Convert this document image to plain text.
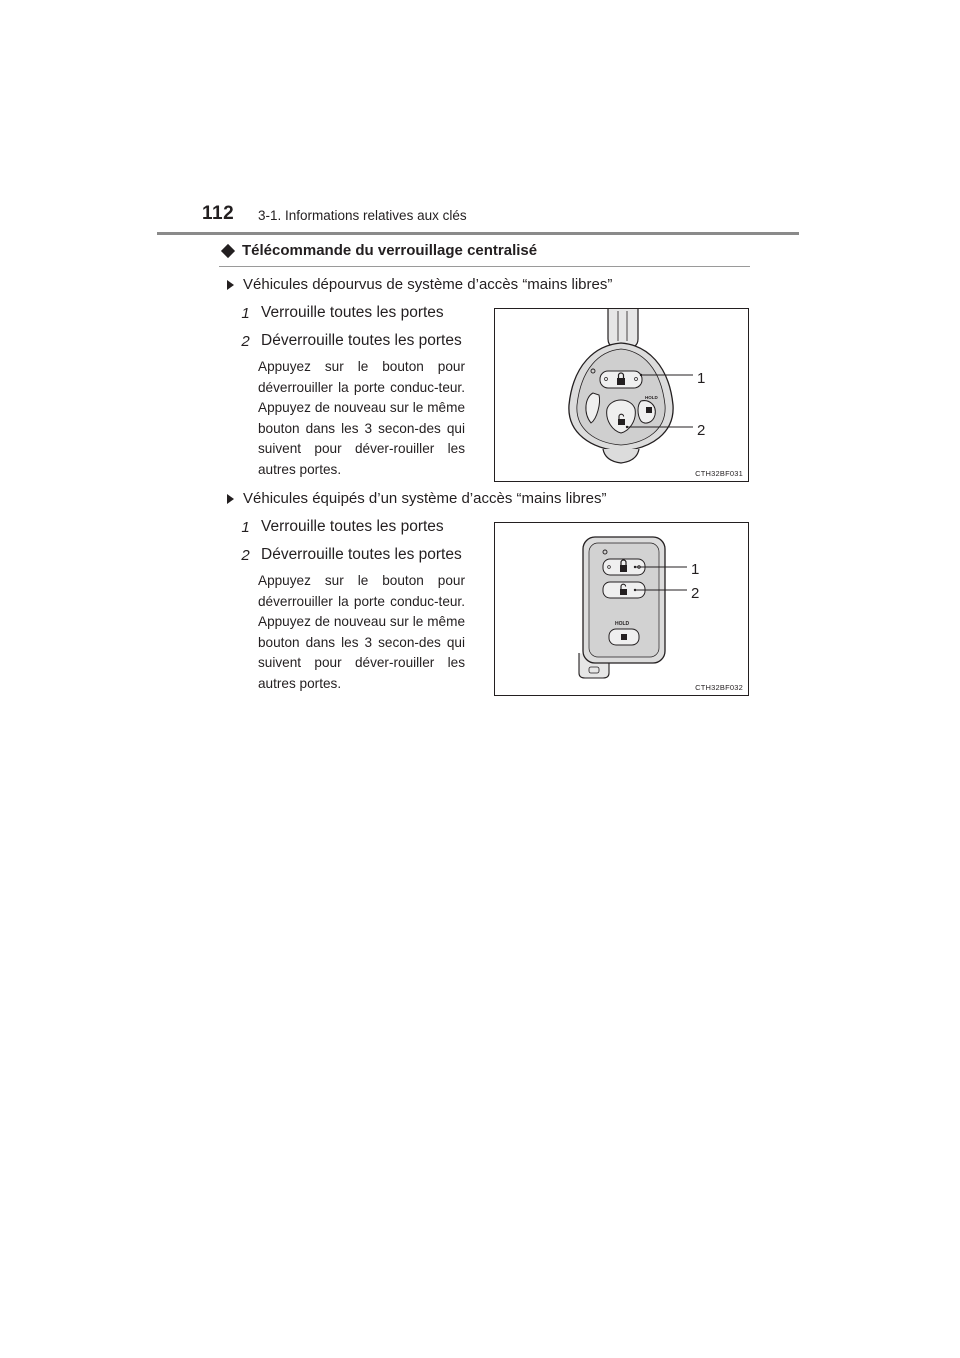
112 3-1. Informations relatives aux clés
Télécommande du verrouillage centralisé
Véhicules dépourvus de système d’accès “mains libres”
1 Verrouille toutes les portes
2 Déverrouille toutes les portes
Appuyez sur le bouton pour déverrouiller la porte conduc-teur. Appuyez de nouveau sur le même bouton dans les 3 secon-des qui suivent pour déver-rouiller les autres portes.
HOLD
1
2
CTH32BF031
Véhicules équipés d’un système d’accès “mains libres”
1 Verrouille toutes les portes
2 Déverrouille toutes les portes
Appuyez sur le bouton pour déverrouiller la porte conduc-teur. Appuyez de nouveau sur le même bouton dans les 3 secon-des qui suivent pour déver-rouiller les autres portes.
HOLD
1
2
CTH32BF032
